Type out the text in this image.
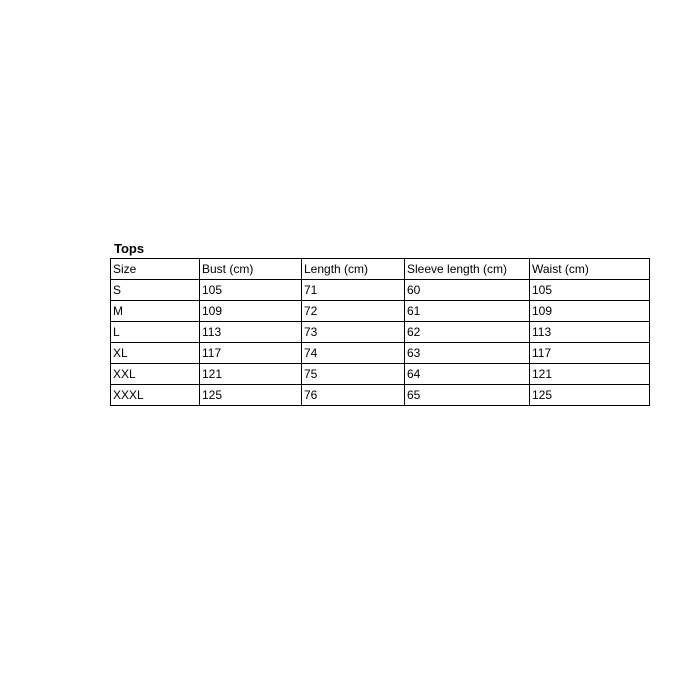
Tops
Size	Bust (cm)	Length (cm)	Sleeve length (cm)	Waist (cm)
S	105	71	60	105
M	109	72	61	109
L	113	73	62	113
XL	117	74	63	117
XXL	121	75	64	121
XXXL	125	76	65	125
